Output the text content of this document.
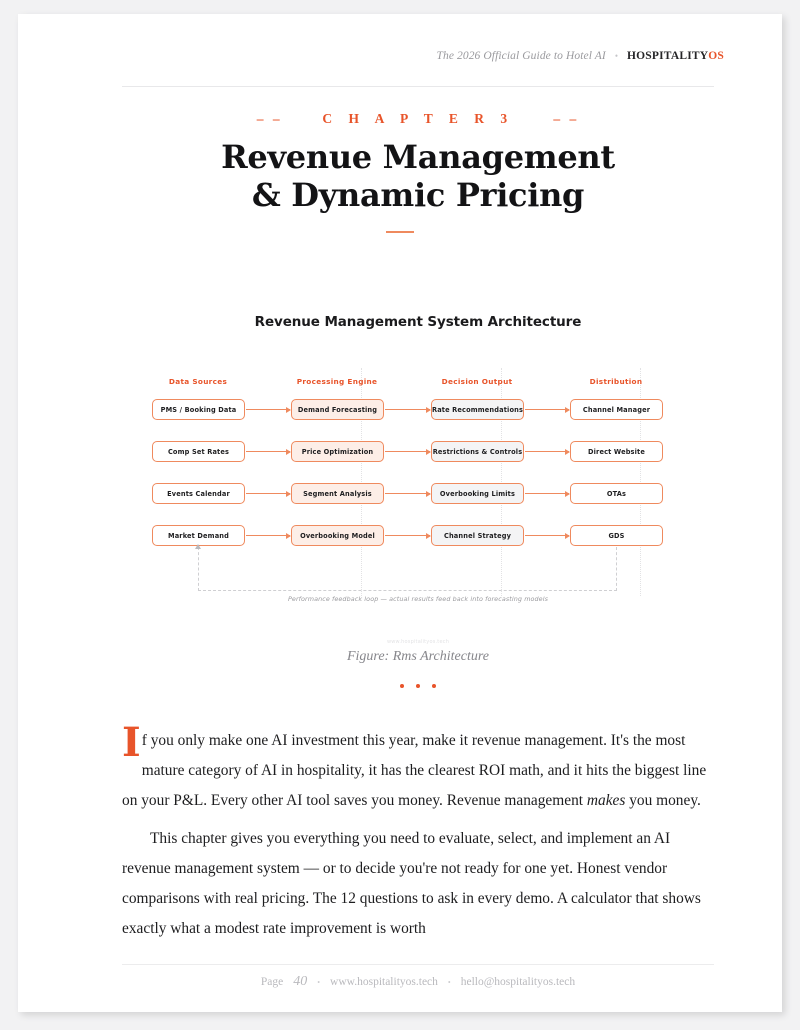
The 2026 Official Guide to Hotel AI • HOSPITALITYOS
– –	C H A P T E R 3	– –
Revenue Management
& Dynamic Pricing
Revenue Management System Architecture
Data Sources	Processing Engine	Decision Output	Distribution
PMS / Booking Data	Demand Forecasting	Rate Recommendations	Channel Manager
Comp Set Rates	Price Optimization	Restrictions & Controls	Direct Website
Events Calendar	Segment Analysis	Overbooking Limits	OTAs
Market Demand	Overbooking Model	Channel Strategy	GDS
Performance feedback loop — actual results feed back into forecasting models
www.hospitalityos.tech
Figure: Rms Architecture

If you only make one AI investment this year, make it revenue management. It's the most mature category of AI in hospitality, it has the clearest ROI math, and it hits the biggest line on your P&L. Every other AI tool saves you money. Revenue management makes you money.

This chapter gives you everything you need to evaluate, select, and implement an AI revenue management system — or to decide you're not ready for one yet. Honest vendor comparisons with real pricing. The 12 questions to ask in every demo. A calculator that shows exactly what a modest rate improvement is worth

Page 40 • www.hospitalityos.tech • hello@hospitalityos.tech
